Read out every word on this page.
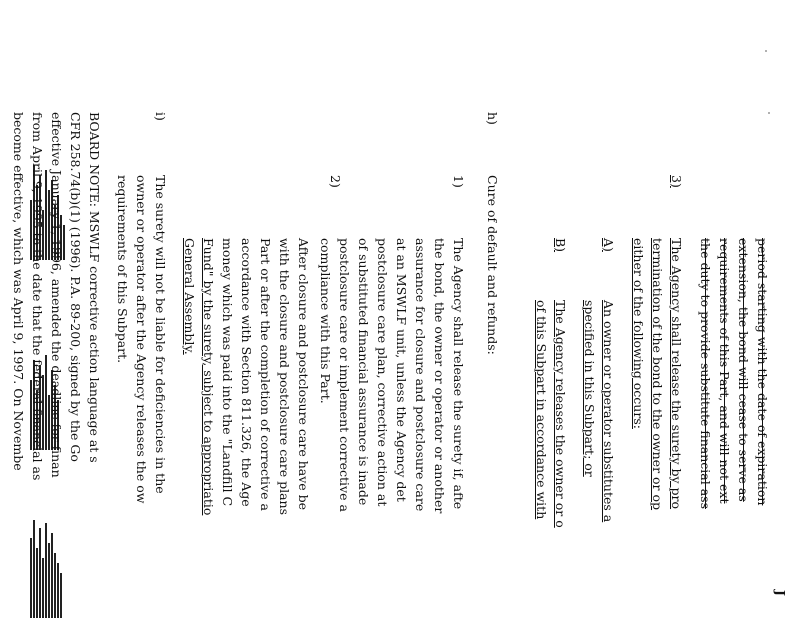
J
period starting with the date of expiration
extension, the bond will cease to serve as
requirements of this Part, and will not ext
the duty to provide substitute financial ass
3)
The Agency shall release the surety by pro
termination of the bond to the owner or op
either of the following occurs:
A)
An owner or operator substitutes a
specified in this Subpart; or
B)
The Agency releases the owner or o
of this Subpart in accordance with
h)
Cure of default and refunds:
1)
The Agency shall release the surety if, afte
the bond, the owner or operator or another
assurance for closure and postclosure care
at an MSWLF unit, unless the Agency det
postclosure care plan, corrective action at
of substituted financial assurance is inade
postclosure care or implement corrective a
compliance with this Part.
2)
After closure and postclosure care have be
with the closure and postclosure care plans
Part or after the completion of corrective a
accordance with Section 811.326, the Age
money which was paid into the "Landfill C
Fund" by the surety, subject to appropriatio
General Assembly.
i)
The surety will not be liable for deficiencies in the
owner or operator after the Agency releases the ow
requirements of this Subpart.
BOARD NOTE: MSWLF corrective action language at s
CFR 258.74(b)(1) (1996). P.A. 89-200, signed by the Go
effective January 1, 1996, amended the deadline for finan
from April 9, 1995 to the date that the federal financial as
become effective, which was April 9, 1997. On Novembe
